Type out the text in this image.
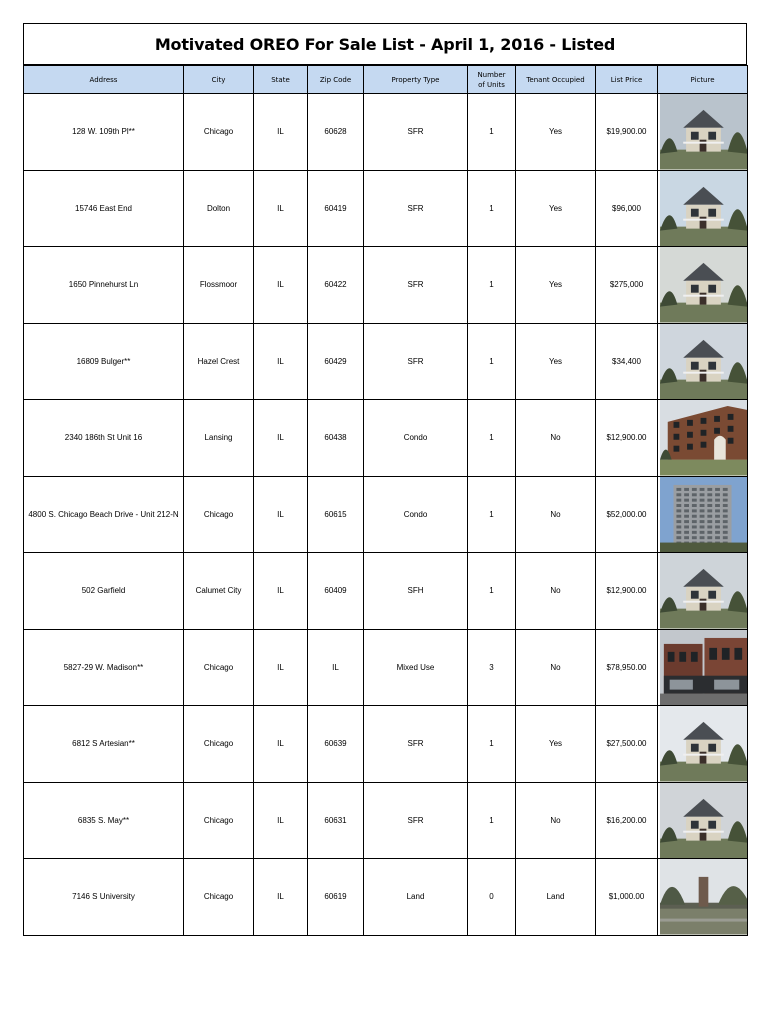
Motivated OREO For Sale List - April 1, 2016 - Listed
Address	City	State	Zip Code	Property Type	Number of Units	Tenant Occupied	List Price	Picture
128 W. 109th Pl**	Chicago	IL	60628	SFR	1	Yes	$19,900.00	

15746 East End	Dolton	IL	60419	SFR	1	Yes	$96,000	

1650 Pinnehurst Ln	Flossmoor	IL	60422	SFR	1	Yes	$275,000	

16809 Bulger**	Hazel Crest	IL	60429	SFR	1	Yes	$34,400	

2340 186th St Unit 16	Lansing	IL	60438	Condo	1	No	$12,900.00	

4800 S. Chicago Beach Drive - Unit 212-N	Chicago	IL	60615	Condo	1	No	$52,000.00	

502 Garfield	Calumet City	IL	60409	SFH	1	No	$12,900.00	

5827-29 W. Madison**	Chicago	IL	IL	Mixed Use	3	No	$78,950.00	

6812 S Artesian**	Chicago	IL	60639	SFR	1	Yes	$27,500.00	

6835 S. May**	Chicago	IL	60631	SFR	1	No	$16,200.00	

7146 S University	Chicago	IL	60619	Land	0	Land	$1,000.00	
